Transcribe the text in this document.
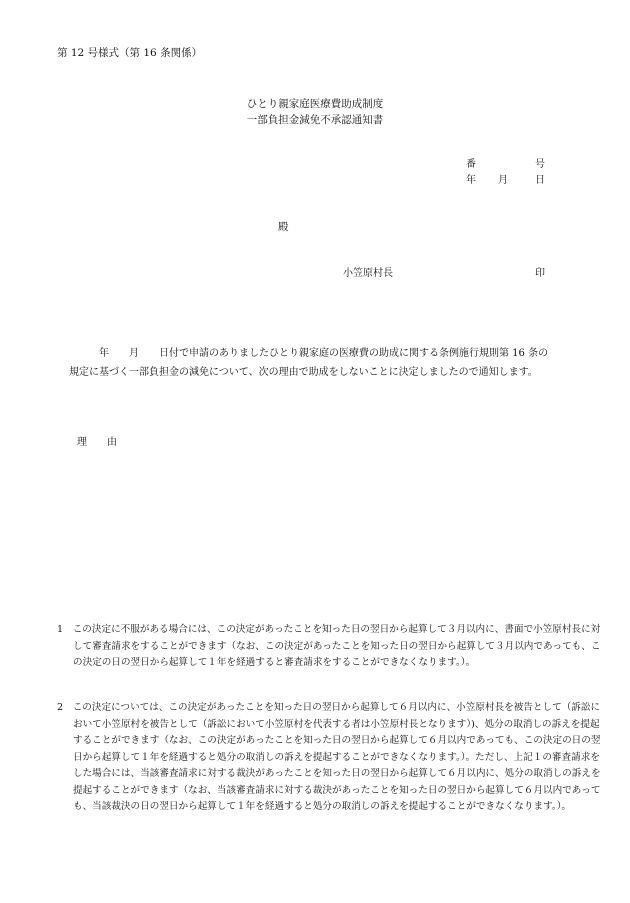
第 12 号様式（第 16 条関係）
ひとり親家庭医療費助成制度
一部負担金減免不承認通知書
番	号
年 月	日
殿
小笠原村長	印
年　　月　　日付で申請のありましたひとり親家庭の医療費の助成に関する条例施行規則第 16 条の規定に基づく一部負担金の減免について、次の理由で助成をしないことに決定しましたので通知します。
理　　由
1　この決定に不服がある場合には、この決定があったことを知った日の翌日から起算して３月以内に、書面で小笠原村長に対して審査請求をすることができます（なお、この決定があったことを知った日の翌日から起算して３月以内であっても、この決定の日の翌日から起算して１年を経過すると審査請求をすることができなくなります。）。
2　この決定については、この決定があったことを知った日の翌日から起算して６月以内に、小笠原村長を被告として（訴訟において小笠原村を被告として（訴訟において小笠原村を代表する者は小笠原村長となります）)、処分の取消しの訴えを提起することができます（なお、この決定があったことを知った日の翌日から起算して６月以内であっても、この決定の日の翌日から起算して１年を経過すると処分の取消しの訴えを提起することができなくなります。）。ただし、上記１の審査請求をした場合には、当該審査請求に対する裁決があったことを知った日の翌日から起算して６月以内に、処分の取消しの訴えを提起することができます（なお、当該審査請求に対する裁決があったことを知った日の翌日から起算して６月以内であっても、当該裁決の日の翌日から起算して１年を経過すると処分の取消しの訴えを提起することができなくなります。）。
